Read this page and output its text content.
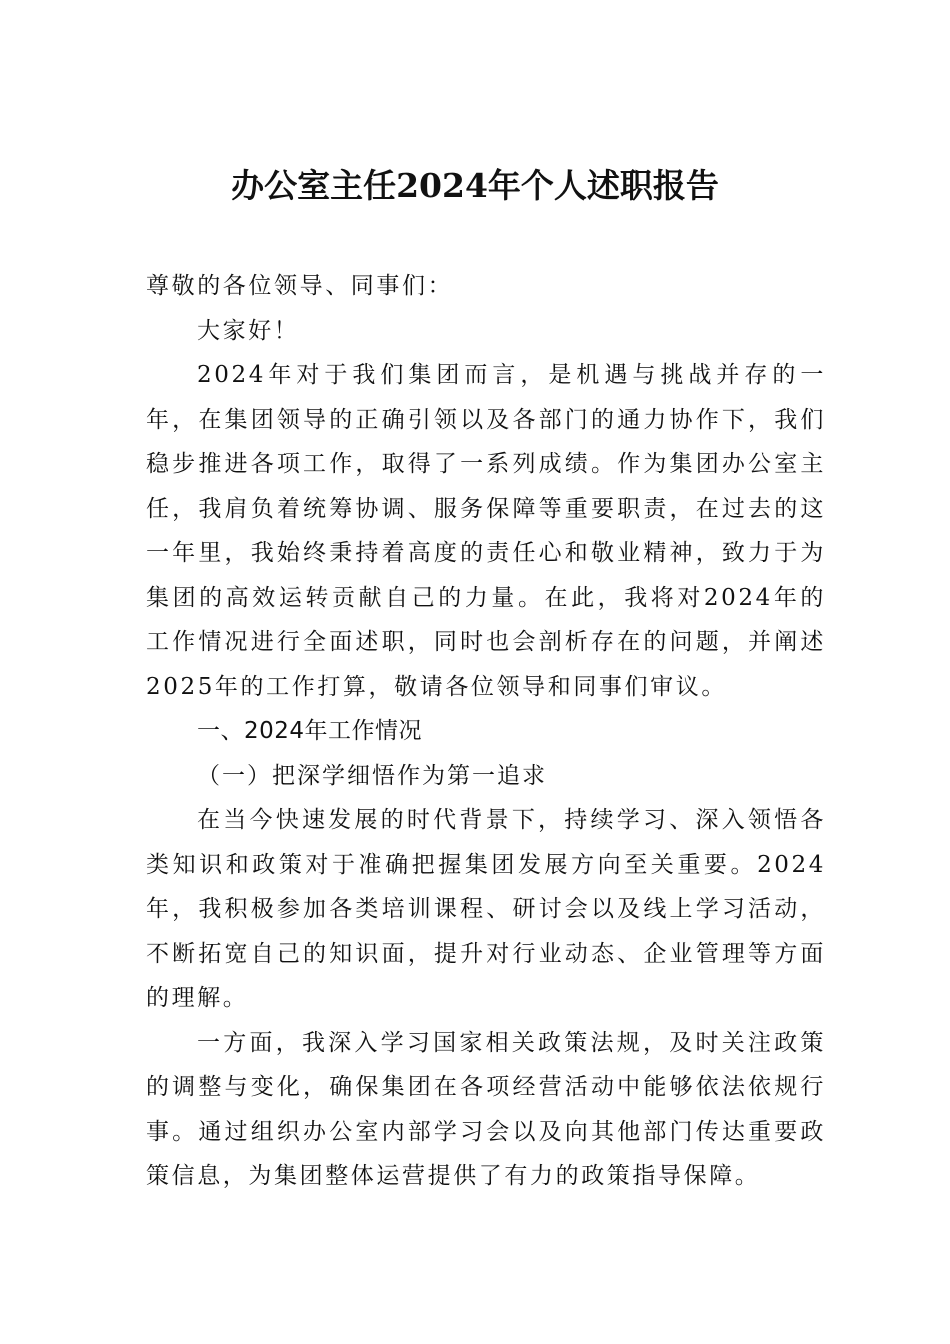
办公室主任2024年个人述职报告

尊敬的各位领导、同事们：

大家好！

2024年对于我们集团而言，是机遇与挑战并存的一年，在集团领导的正确引领以及各部门的通力协作下，我们稳步推进各项工作，取得了一系列成绩。作为集团办公室主任，我肩负着统筹协调、服务保障等重要职责，在过去的这一年里，我始终秉持着高度的责任心和敬业精神，致力于为集团的高效运转贡献自己的力量。在此，我将对2024年的工作情况进行全面述职，同时也会剖析存在的问题，并阐述2025年的工作打算，敬请各位领导和同事们审议。

一、2024年工作情况

（一）把深学细悟作为第一追求

在当今快速发展的时代背景下，持续学习、深入领悟各类知识和政策对于准确把握集团发展方向至关重要。2024年，我积极参加各类培训课程、研讨会以及线上学习活动，不断拓宽自己的知识面，提升对行业动态、企业管理等方面的理解。

一方面，我深入学习国家相关政策法规，及时关注政策的调整与变化，确保集团在各项经营活动中能够依法依规行事。通过组织办公室内部学习会以及向其他部门传达重要政策信息，为集团整体运营提供了有力的政策指导保障。
